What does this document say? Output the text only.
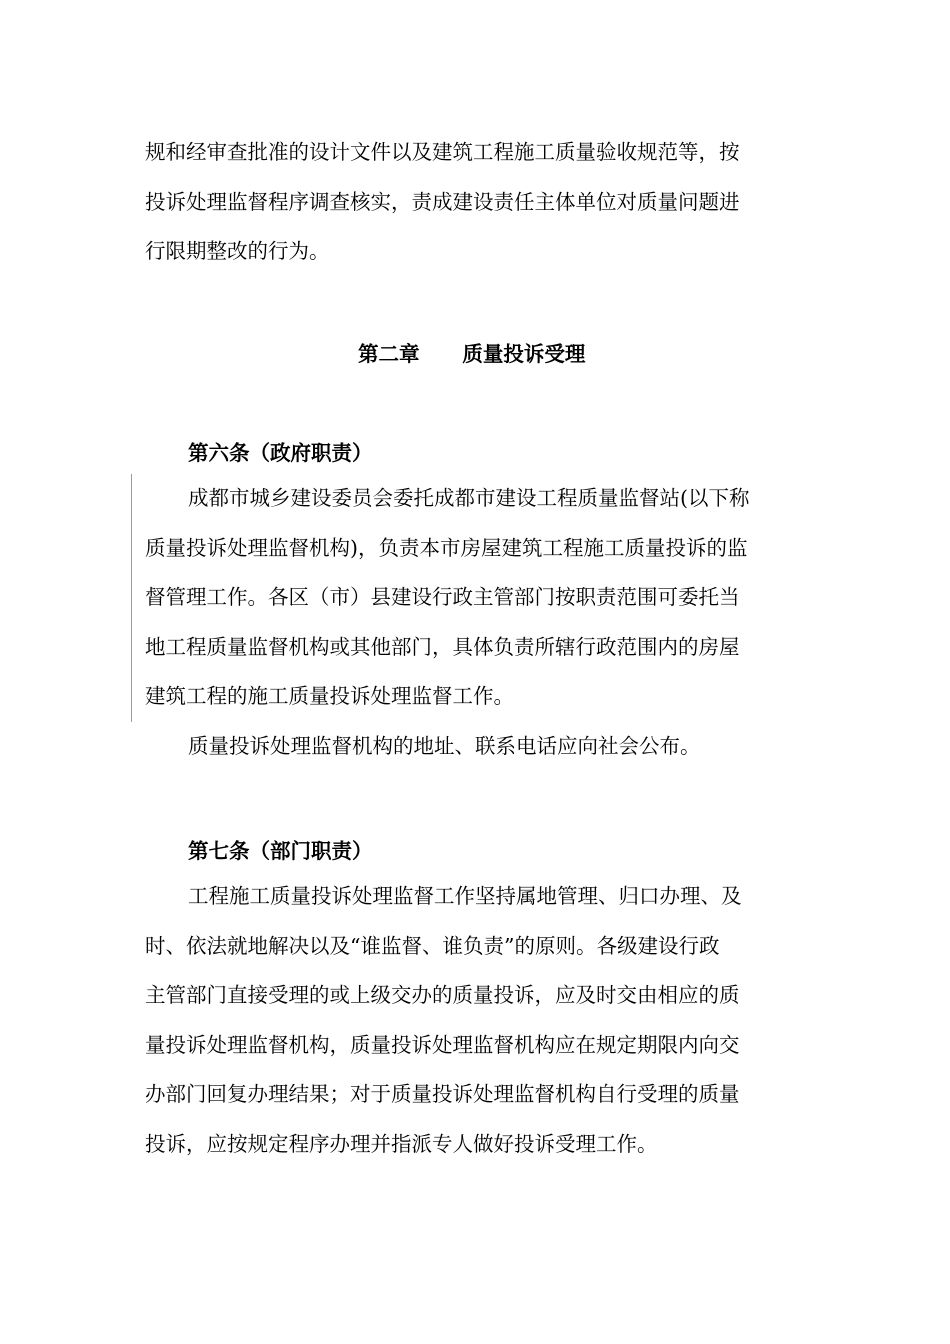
规和经审查批准的设计文件以及建筑工程施工质量验收规范等，按
投诉处理监督程序调查核实，责成建设责任主体单位对质量问题进
行限期整改的行为。
第二章      质量投诉受理
第六条（政府职责）
成都市城乡建设委员会委托成都市建设工程质量监督站(以下称
质量投诉处理监督机构)，负责本市房屋建筑工程施工质量投诉的监
督管理工作。各区（市）县建设行政主管部门按职责范围可委托当
地工程质量监督机构或其他部门，具体负责所辖行政范围内的房屋
建筑工程的施工质量投诉处理监督工作。
质量投诉处理监督机构的地址、联系电话应向社会公布。
第七条（部门职责）
工程施工质量投诉处理监督工作坚持属地管理、归口办理、及
时、依法就地解决以及“谁监督、谁负责”的原则。各级建设行政
主管部门直接受理的或上级交办的质量投诉，应及时交由相应的质
量投诉处理监督机构，质量投诉处理监督机构应在规定期限内向交
办部门回复办理结果；对于质量投诉处理监督机构自行受理的质量
投诉，应按规定程序办理并指派专人做好投诉受理工作。
